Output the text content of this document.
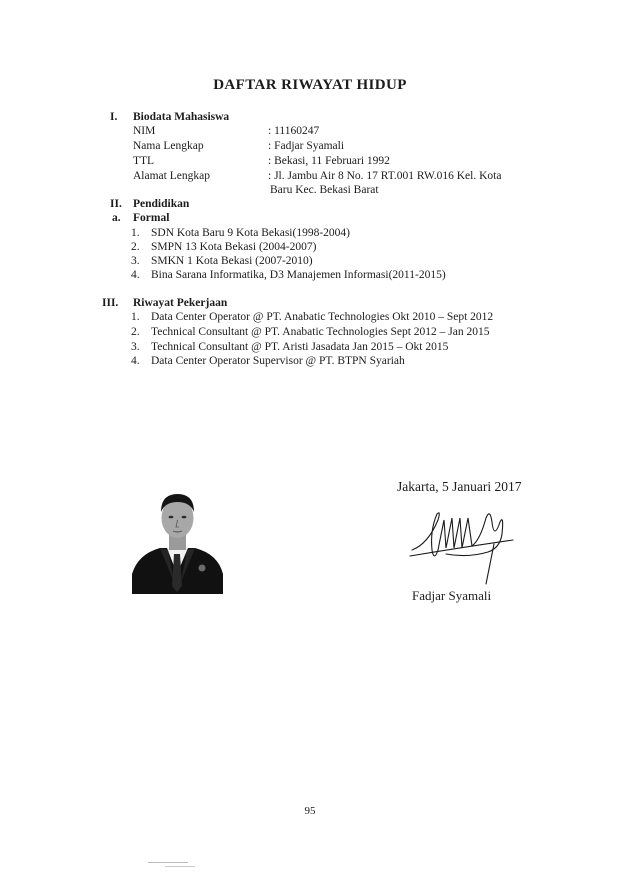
DAFTAR RIWAYAT HIDUP
I. Biodata Mahasiswa
NIM	: 11160247
Nama Lengkap	: Fadjar Syamali
TTL	: Bekasi, 11 Februari 1992
Alamat Lengkap	: Jl. Jambu Air 8 No. 17 RT.001 RW.016 Kel. Kota
Baru Kec. Bekasi Barat
II. Pendidikan
a. Formal
1. SDN Kota Baru 9 Kota Bekasi(1998-2004)
2. SMPN 13 Kota Bekasi (2004-2007)
3. SMKN 1 Kota Bekasi (2007-2010)
4. Bina Sarana Informatika, D3 Manajemen Informasi(2011-2015)
III. Riwayat Pekerjaan
1. Data Center Operator @ PT. Anabatic Technologies Okt 2010 – Sept 2012
2. Technical Consultant @ PT. Anabatic Technologies Sept 2012 – Jan 2015
3. Technical Consultant @ PT. Aristi Jasadata Jan 2015 – Okt 2015
4. Data Center Operator Supervisor @ PT. BTPN Syariah
Jakarta, 5 Januari 2017
Fadjar Syamali
95
